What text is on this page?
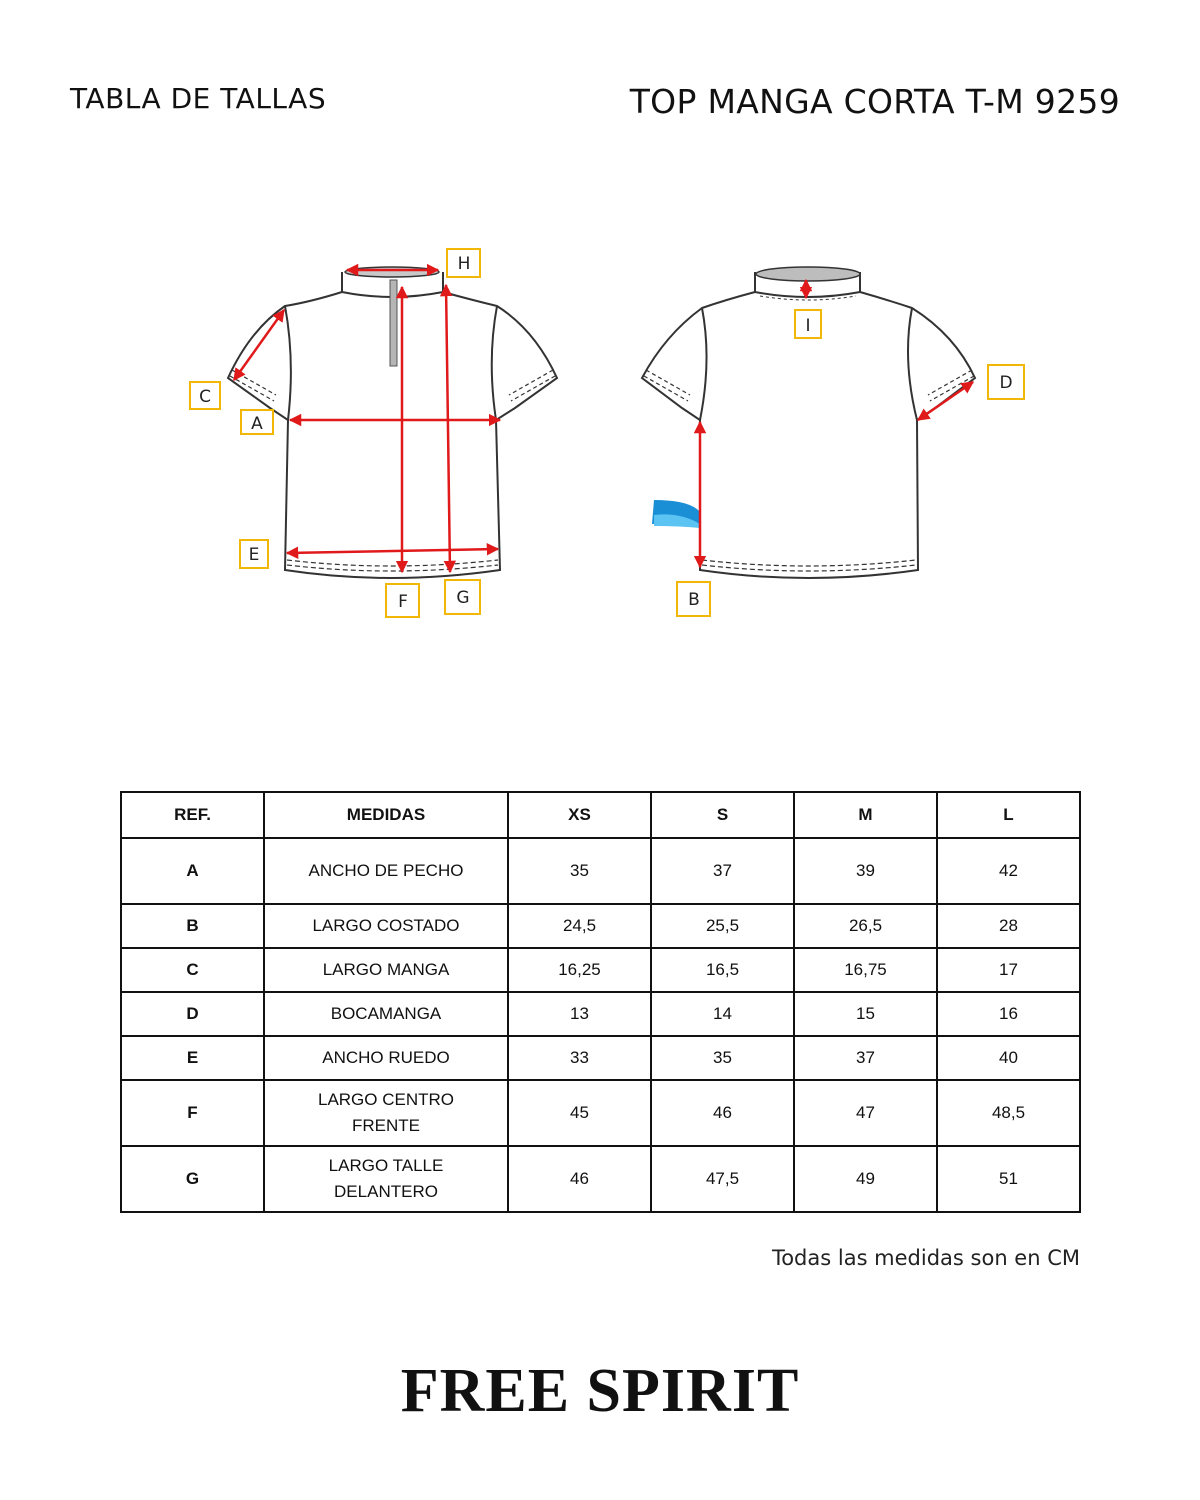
TABLA DE TALLAS	TOP MANGA CORTA T-M 9259
H
C
A
E
F	G
I
D
B
REF.	MEDIDAS	XS	S	M	L
A	ANCHO DE PECHO	35	37	39	42
B	LARGO COSTADO	24,5	25,5	26,5	28
C	LARGO MANGA	16,25	16,5	16,75	17
D	BOCAMANGA	13	14	15	16
E	ANCHO RUEDO	33	35	37	40
F	LARGO CENTRO FRENTE	45	46	47	48,5
G	LARGO TALLE DELANTERO	46	47,5	49	51
Todas las medidas son en CM
FREE SPIRIT
